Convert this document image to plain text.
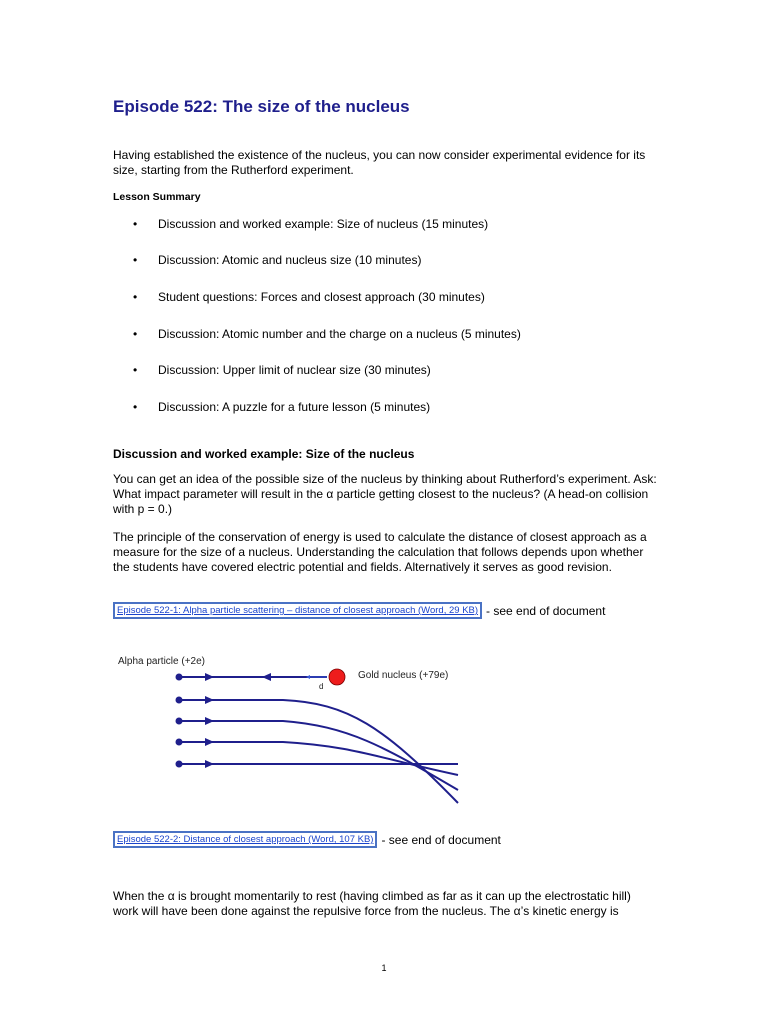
Episode 522: The size of the nucleus

Having established the existence of the nucleus, you can now consider experimental evidence for its size, starting from the Rutherford experiment.

Lesson Summary

• Discussion and worked example: Size of nucleus (15 minutes)
• Discussion: Atomic and nucleus size (10 minutes)
• Student questions: Forces and closest approach (30 minutes)
• Discussion: Atomic number and the charge on a nucleus (5 minutes)
• Discussion: Upper limit of nuclear size (30 minutes)
• Discussion: A puzzle for a future lesson (5 minutes)

Discussion and worked example: Size of the nucleus

You can get an idea of the possible size of the nucleus by thinking about Rutherford’s experiment. Ask: What impact parameter will result in the α particle getting closest to the nucleus? (A head-on collision with p = 0.)

The principle of the conservation of energy is used to calculate the distance of closest approach as a measure for the size of a nucleus. Understanding the calculation that follows depends upon whether the students have covered electric potential and fields. Alternatively it serves as good revision.

Episode 522-1: Alpha particle scattering – distance of closest approach (Word, 29 KB) - see end of document
Alpha particle (+2e)
Gold nucleus (+79e)
d
Episode 522-2: Distance of closest approach (Word, 107 KB) - see end of document

When the α is brought momentarily to rest (having climbed as far as it can up the electrostatic hill) work will have been done against the repulsive force from the nucleus. The α’s kinetic energy is

1
